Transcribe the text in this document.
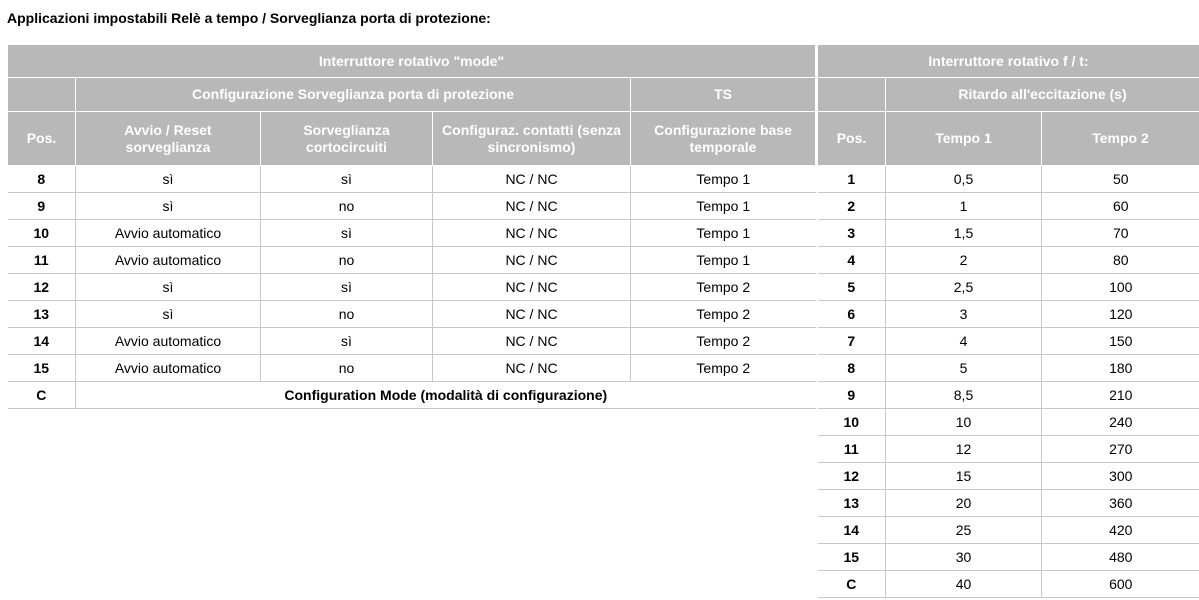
Applicazioni impostabili Relè a tempo / Sorveglianza porta di protezione:
Interruttore rotativo "mode"				
	Configurazione Sorveglianza porta di protezione			TS
Pos.	Avvio / Reset sorveglianza	Sorveglianza cortocircuiti	Configuraz. contatti (senza sincronismo)	Configurazione base temporale
8	sì	sì	NC / NC	Tempo 1
9	sì	no	NC / NC	Tempo 1
10	Avvio automatico	sì	NC / NC	Tempo 1
11	Avvio automatico	no	NC / NC	Tempo 1
12	sì	sì	NC / NC	Tempo 2
13	sì	no	NC / NC	Tempo 2
14	Avvio automatico	sì	NC / NC	Tempo 2
15	Avvio automatico	no	NC / NC	Tempo 2
C	Configuration Mode (modalità di configurazione)			
Interruttore rotativo f / t:		
	Ritardo all'eccitazione (s)	
Pos.	Tempo 1	Tempo 2
1	0,5	50
2	1	60
3	1,5	70
4	2	80
5	2,5	100
6	3	120
7	4	150
8	5	180
9	8,5	210
10	10	240
11	12	270
12	15	300
13	20	360
14	25	420
15	30	480
C	40	600
